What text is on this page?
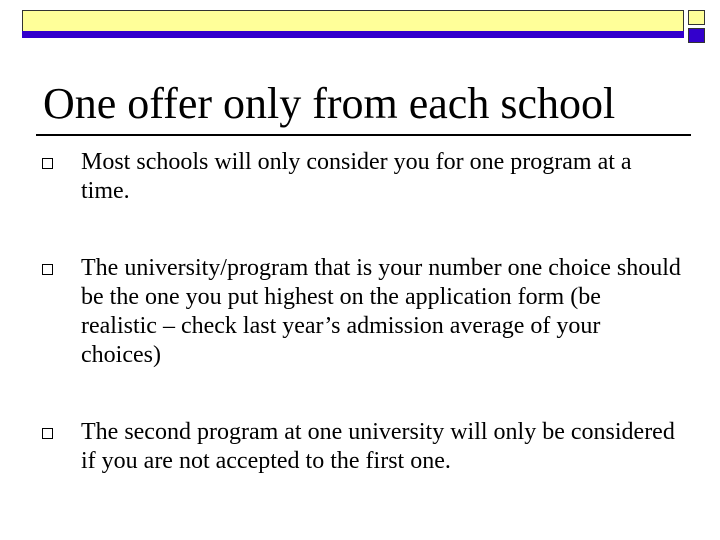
One offer only from each school
Most schools will only consider you for one program at a time.
The university/program that is your number one choice should be the one you put highest on the application form (be realistic – check last year’s admission average of your choices)
The second program at one university will only be considered if you are not accepted to the first one.
